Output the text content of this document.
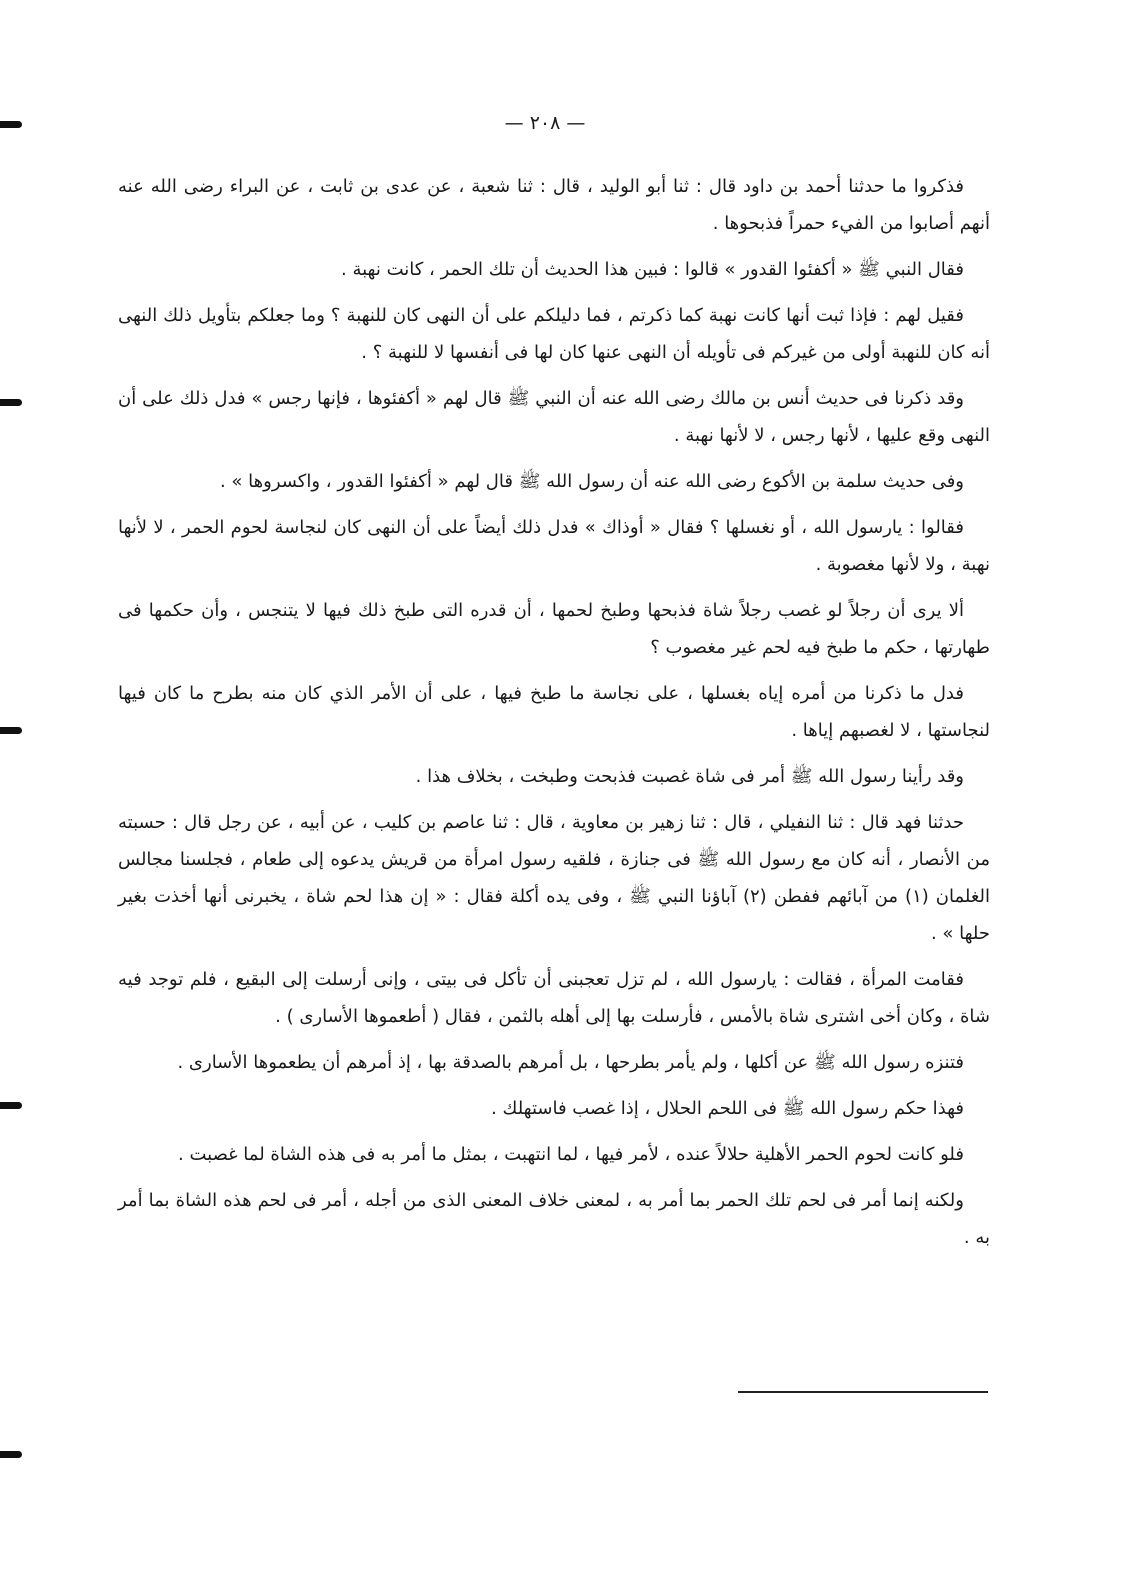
— ٢٠٨ —

فذكروا ما حدثنا أحمد بن داود قال : ثنا أبو الوليد ، قال : ثنا شعبة ، عن عدى بن ثابت ، عن البراء رضى الله عنه أنهم أصابوا من الفيء حمراً فذبحوها .

فقال النبي ﷺ « أكفئوا القدور » قالوا : فبين هذا الحديث أن تلك الحمر ، كانت نهبة .

فقيل لهم : فإذا ثبت أنها كانت نهبة كما ذكرتم ، فما دليلكم على أن النهى كان للنهبة ؟ وما جعلكم بتأويل ذلك النهى أنه كان للنهبة أولى من غيركم فى تأويله أن النهى عنها كان لها فى أنفسها لا للنهبة ؟ .

وقد ذكرنا فى حديث أنس بن مالك رضى الله عنه أن النبي ﷺ قال لهم « أكفئوها ، فإنها رجس » فدل ذلك على أن النهى وقع عليها ، لأنها رجس ، لا لأنها نهبة .

وفى حديث سلمة بن الأكوع رضى الله عنه أن رسول الله ﷺ قال لهم « أكفئوا القدور ، واكسروها » .

فقالوا : يارسول الله ، أو نغسلها ؟ فقال « أوذاك » فدل ذلك أيضاً على أن النهى كان لنجاسة لحوم الحمر ، لا لأنها نهبة ، ولا لأنها مغصوبة .

ألا يرى أن رجلاً لو غصب رجلاً شاة فذبحها وطبخ لحمها ، أن قدره التى طبخ ذلك فيها لا يتنجس ، وأن حكمها فى طهارتها ، حكم ما طبخ فيه لحم غير مغصوب ؟

فدل ما ذكرنا من أمره إياه بغسلها ، على نجاسة ما طبخ فيها ، على أن الأمر الذي كان منه بطرح ما كان فيها لنجاستها ، لا لغصبهم إياها .

وقد رأينا رسول الله ﷺ أمر فى شاة غصبت فذبحت وطبخت ، بخلاف هذا .

حدثنا فهد قال : ثنا النفيلي ، قال : ثنا زهير بن معاوية ، قال : ثنا عاصم بن كليب ، عن أبيه ، عن رجل قال : حسبته من الأنصار ، أنه كان مع رسول الله ﷺ فى جنازة ، فلقيه رسول امرأة من قريش يدعوه إلى طعام ، فجلسنا مجالس الغلمان (١) من آبائهم ففطن (٢) آباؤنا النبي ﷺ ، وفى يده أكلة فقال : « إن هذا لحم شاة ، يخبرنى أنها أخذت بغير حلها » .

فقامت المرأة ، فقالت : يارسول الله ، لم تزل تعجبنى أن تأكل فى بيتى ، وإنى أرسلت إلى البقيع ، فلم توجد فيه شاة ، وكان أخى اشترى شاة بالأمس ، فأرسلت بها إلى أهله بالثمن ، فقال ( أطعموها الأسارى ) .

فتنزه رسول الله ﷺ عن أكلها ، ولم يأمر بطرحها ، بل أمرهم بالصدقة بها ، إذ أمرهم أن يطعموها الأسارى .

فهذا حكم رسول الله ﷺ فى اللحم الحلال ، إذا غصب فاستهلك .

فلو كانت لحوم الحمر الأهلية حلالاً عنده ، لأمر فيها ، لما انتهبت ، بمثل ما أمر به فى هذه الشاة لما غصبت .

ولكنه إنما أمر فى لحم تلك الحمر بما أمر به ، لمعنى خلاف المعنى الذى من أجله ، أمر فى لحم هذه الشاة بما أمر به .
